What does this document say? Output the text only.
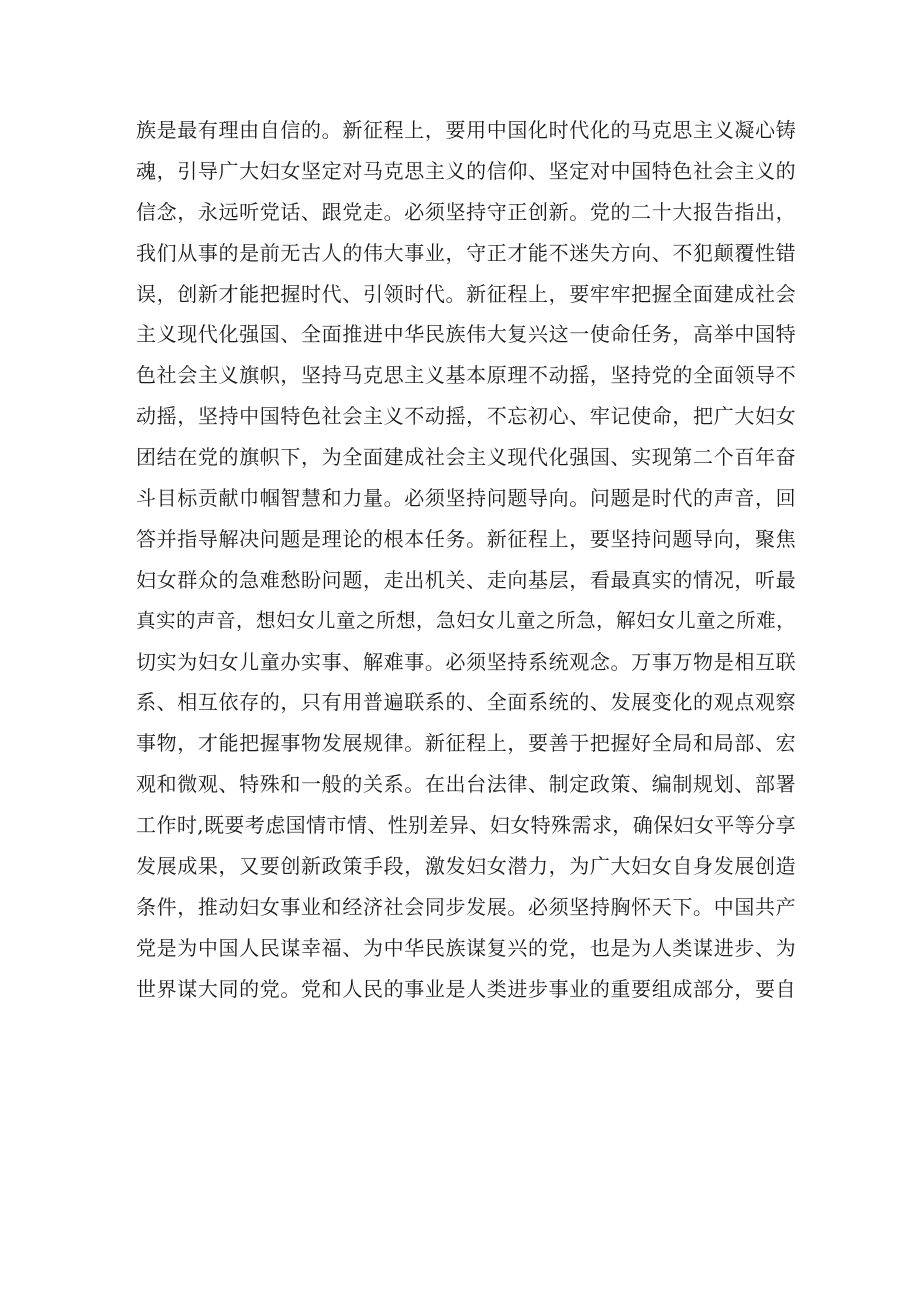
族是最有理由自信的。新征程上，要用中国化时代化的马克思主义凝心铸

魂，引导广大妇女坚定对马克思主义的信仰、坚定对中国特色社会主义的

信念，永远听党话、跟党走。必须坚持守正创新。党的二十大报告指出，

我们从事的是前无古人的伟大事业，守正才能不迷失方向、不犯颠覆性错

误，创新才能把握时代、引领时代。新征程上，要牢牢把握全面建成社会

主义现代化强国、全面推进中华民族伟大复兴这一使命任务，高举中国特

色社会主义旗帜，坚持马克思主义基本原理不动摇，坚持党的全面领导不

动摇，坚持中国特色社会主义不动摇，不忘初心、牢记使命，把广大妇女

团结在党的旗帜下，为全面建成社会主义现代化强国、实现第二个百年奋

斗目标贡献巾帼智慧和力量。必须坚持问题导向。问题是时代的声音，回

答并指导解决问题是理论的根本任务。新征程上，要坚持问题导向，聚焦

妇女群众的急难愁盼问题，走出机关、走向基层，看最真实的情况，听最

真实的声音，想妇女儿童之所想，急妇女儿童之所急，解妇女儿童之所难，

切实为妇女儿童办实事、解难事。必须坚持系统观念。万事万物是相互联

系、相互依存的，只有用普遍联系的、全面系统的、发展变化的观点观察

事物，才能把握事物发展规律。新征程上，要善于把握好全局和局部、宏

观和微观、特殊和一般的关系。在出台法律、制定政策、编制规划、部署

工作时,既要考虑国情市情、性别差异、妇女特殊需求，确保妇女平等分享

发展成果，又要创新政策手段，激发妇女潜力，为广大妇女自身发展创造

条件，推动妇女事业和经济社会同步发展。必须坚持胸怀天下。中国共产

党是为中国人民谋幸福、为中华民族谋复兴的党，也是为人类谋进步、为

世界谋大同的党。党和人民的事业是人类进步事业的重要组成部分，要自
